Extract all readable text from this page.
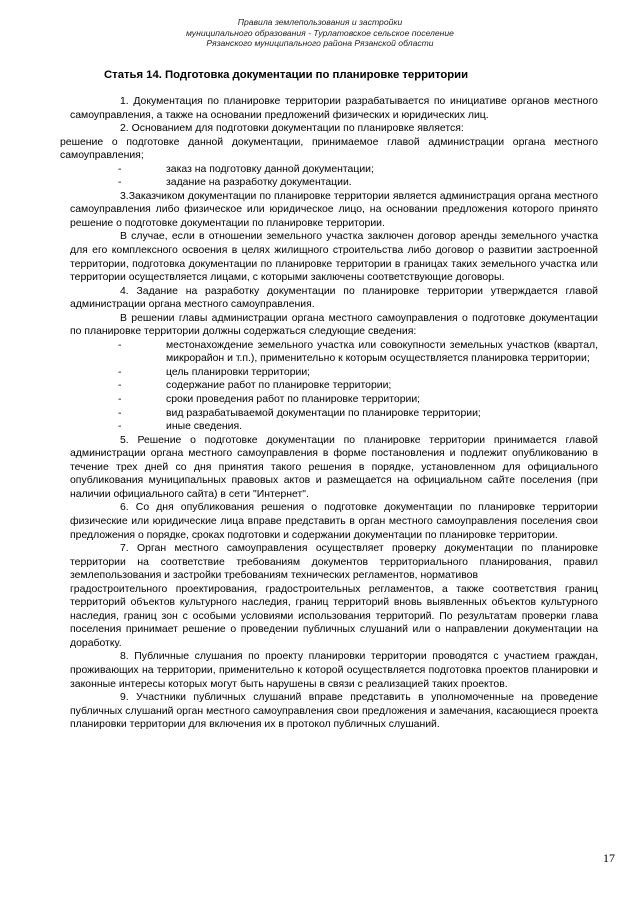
Правила землепользования и застройки
муниципального образования - Турлатовское сельское поселение
Рязанского муниципального района Рязанской области
Статья 14. Подготовка документации по планировке территории

1. Документация по планировке территории разрабатывается по инициативе органов местного самоуправления, а также на основании предложений физических и юридических лиц.

2. Основанием для подготовки документации по планировке является:

решение о подготовке данной документации, принимаемое главой администрации органа местного самоуправления;

-	заказ на подготовку данной документации;
-	задание на разработку документации.

3.Заказчиком документации по планировке территории является администрация органа местного самоуправления либо физическое или юридическое лицо, на основании предложения которого принято решение о подготовке документации по планировке территории.

В случае, если в отношении земельного участка заключен договор аренды земельного участка для его комплексного освоения в целях жилищного строительства либо договор о развитии застроенной территории, подготовка документации по планировке территории в границах таких земельного участка или территории осуществляется лицами, с которыми заключены соответствующие договоры.

4. Задание на разработку документации по планировке территории утверждается главой администрации органа местного самоуправления.

В решении главы администрации органа местного самоуправления о подготовке документации по планировке территории должны содержаться следующие сведения:

-	местонахождение земельного участка или совокупности земельных участков (квартал, микрорайон и т.п.), применительно к которым осуществляется планировка территории;
-	цель планировки территории;
-	содержание работ по планировке территории;
-	сроки проведения работ по планировке территории;
-	вид разрабатываемой документации по планировке территории;
-	иные сведения.

5. Решение о подготовке документации по планировке территории принимается главой администрации органа местного самоуправления в форме постановления и подлежит опубликованию в течение трех дней со дня принятия такого решения в порядке, установленном для официального опубликования муниципальных правовых актов и размещается на официальном сайте поселения (при наличии официального сайта) в сети "Интернет".

6. Со дня опубликования решения о подготовке документации по планировке территории физические или юридические лица вправе представить в орган местного самоуправления поселения свои предложения о порядке, сроках подготовки и содержании документации по планировке территории.

7. Орган местного самоуправления осуществляет проверку документации по планировке территории на соответствие требованиям документов территориального планирования, правил землепользования и застройки требованиям технических регламентов, нормативов

градостроительного проектирования, градостроительных регламентов, а также соответствия границ территорий объектов культурного наследия, границ территорий вновь выявленных объектов культурного наследия, границ зон с особыми условиями использования территорий. По результатам проверки глава поселения принимает решение о проведении публичных слушаний или о направлении документации на доработку.

8. Публичные слушания по проекту планировки территории проводятся с участием граждан, проживающих на территории, применительно к которой осуществляется подготовка проектов планировки и законные интересы которых могут быть нарушены в связи с реализацией таких проектов.

9. Участники публичных слушаний вправе представить в уполномоченные на проведение публичных слушаний орган местного самоуправления свои предложения и замечания, касающиеся проекта планировки территории для включения их в протокол публичных слушаний.

17
